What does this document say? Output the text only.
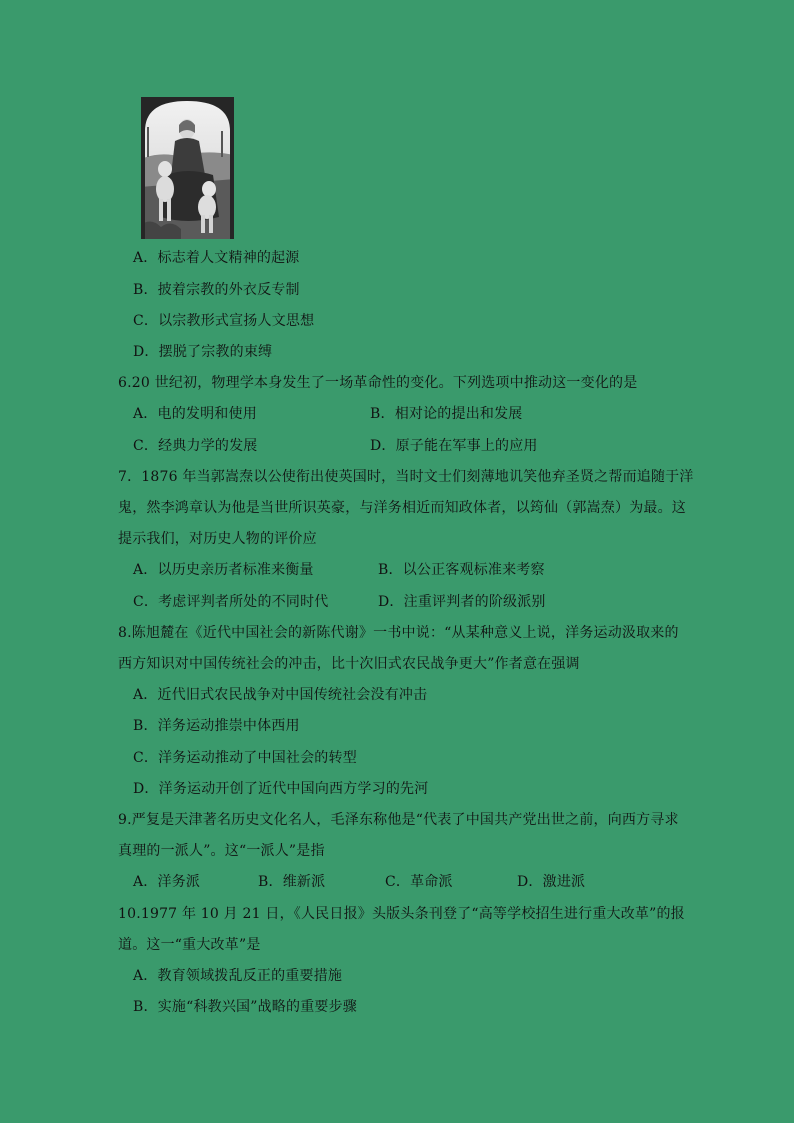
A．标志着人文精神的起源
B．披着宗教的外衣反专制
C．以宗教形式宣扬人文思想
D．摆脱了宗教的束缚
6.20 世纪初，物理学本身发生了一场革命性的变化。下列选项中推动这一变化的是
A．电的发明和使用	B．相对论的提出和发展
C．经典力学的发展	D．原子能在军事上的应用
7．1876 年当郭嵩焘以公使衔出使英国时，当时文士们刻薄地讥笑他弃圣贤之帮而追随于洋
鬼，然李鸿章认为他是当世所识英豪，与洋务相近而知政体者，以筠仙（郭嵩焘）为最。这
提示我们，对历史人物的评价应
A．以历史亲历者标准来衡量	B．以公正客观标准来考察
C．考虑评判者所处的不同时代	D．注重评判者的阶级派别
8.陈旭麓在《近代中国社会的新陈代谢》一书中说：“从某种意义上说，洋务运动汲取来的
西方知识对中国传统社会的冲击，比十次旧式农民战争更大”作者意在强调
A．近代旧式农民战争对中国传统社会没有冲击
B．洋务运动推崇中体西用
C．洋务运动推动了中国社会的转型
D．洋务运动开创了近代中国向西方学习的先河
9.严复是天津著名历史文化名人，毛泽东称他是“代表了中国共产党出世之前，向西方寻求
真理的一派人”。这“一派人”是指
A．洋务派	B．维新派	C．革命派	D．激进派
10.1977 年 10 月 21 日，《人民日报》头版头条刊登了“高等学校招生进行重大改革”的报
道。这一“重大改革”是
A．教育领域拨乱反正的重要措施
B．实施“科教兴国”战略的重要步骤
